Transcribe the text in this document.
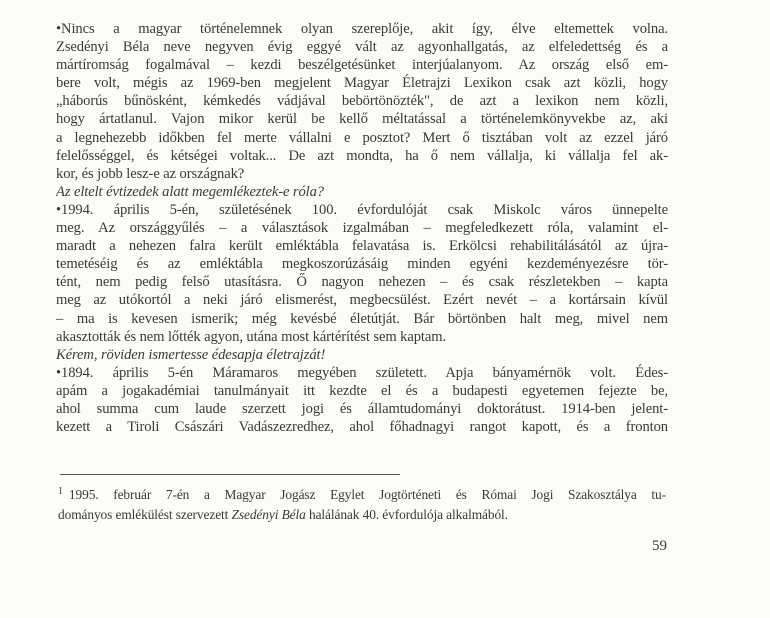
•Nincs a magyar történelemnek olyan szereplője, akit így, élve eltemettek volna.
Zsedényi Béla neve negyven évig eggyé vált az agyonhallgatás, az elfeledettség és a
mártíromság fogalmával – kezdi beszélgetésünket interjúalanyom. Az ország első em-
bere volt, mégis az 1969-ben megjelent Magyar Életrajzi Lexikon csak azt közli, hogy
„háborús bűnösként, kémkedés vádjával bebörtönözték", de azt a lexikon nem közli,
hogy ártatlanul. Vajon mikor kerül be kellő méltatással a történelemkönyvekbe az, aki
a legnehezebb időkben fel merte vállalni e posztot? Mert ő tisztában volt az ezzel járó
felelősséggel, és kétségei voltak... De azt mondta, ha ő nem vállalja, ki vállalja fel ak-
kor, és jobb lesz-e az országnak?
Az eltelt évtizedek alatt megemlékeztek-e róla?
•1994. április 5-én, születésének 100. évfordulóját csak Miskolc város ünnepelte
meg. Az országgyűlés – a választások izgalmában – megfeledkezett róla, valamint el-
maradt a nehezen falra került emléktábla felavatása is. Erkölcsi rehabilitálásától az újra-
temetéséig és az emléktábla megkoszorúzásáig minden egyéni kezdeményezésre tör-
tént, nem pedig felső utasításra. Ő nagyon nehezen – és csak részletekben – kapta
meg az utókortól a neki járó elismerést, megbecsülést. Ezért nevét – a kortársain kívül
– ma is kevesen ismerik; még kevésbé életútját. Bár börtönben halt meg, mivel nem
akasztották és nem lőtték agyon, utána most kártérítést sem kaptam.
Kérem, röviden ismertesse édesapja életrajzát!
•1894. április 5-én Máramaros megyében született. Apja bányamérnök volt. Édes-
apám a jogakadémiai tanulmányait itt kezdte el és a budapesti egyetemen fejezte be,
ahol summa cum laude szerzett jogi és államtudományi doktorátust. 1914-ben jelent-
kezett a Tiroli Császári Vadászezredhez, ahol főhadnagyi rangot kapott, és a fronton
$^1$ 1995. február 7-én a Magyar Jogász Egylet Jogtörténeti és Római Jogi Szakosztálya tu-
dományos emlékülést szervezett Zsedényi Béla halálának 40. évfordulója alkalmából.
59
